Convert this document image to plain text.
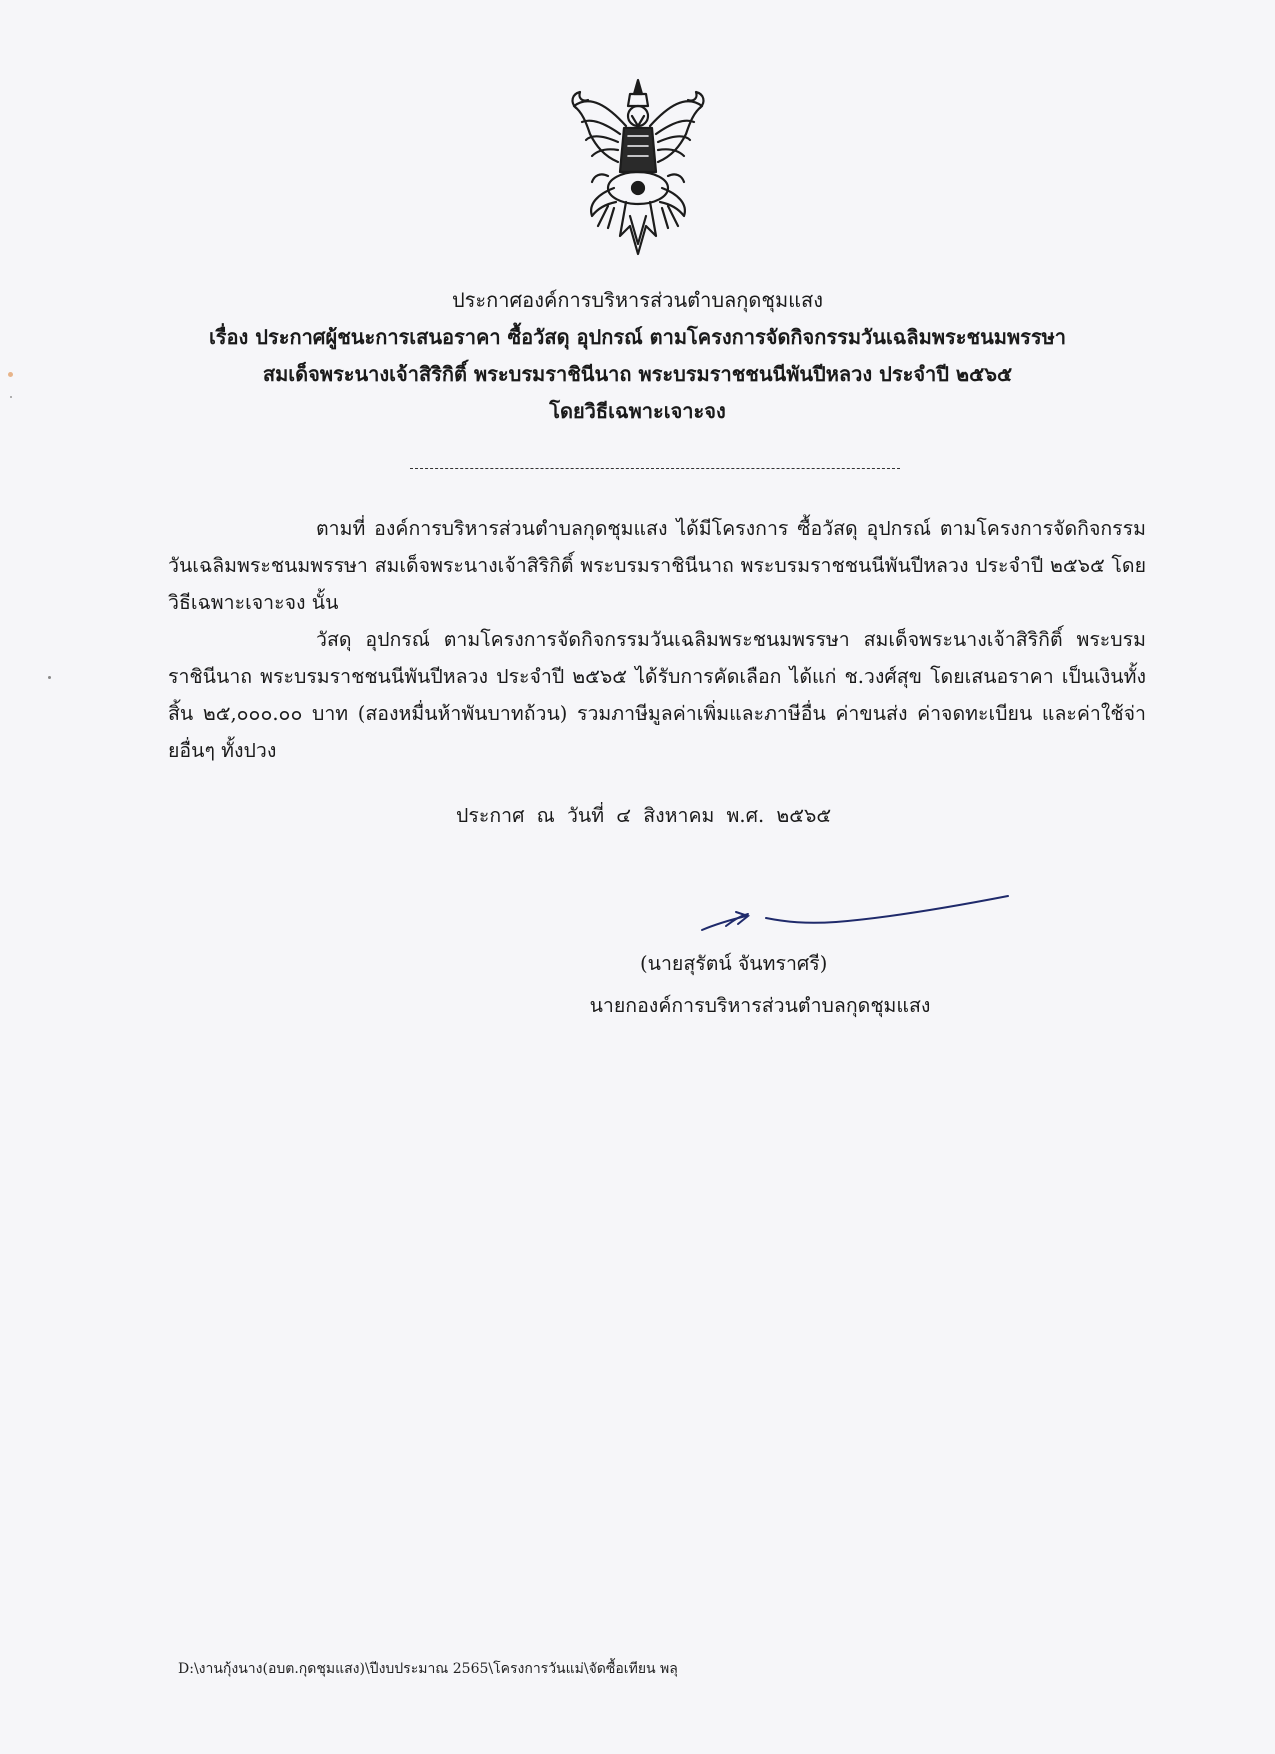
ประกาศองค์การบริหารส่วนตำบลกุดชุมแสง
เรื่อง ประกาศผู้ชนะการเสนอราคา ซื้อวัสดุ อุปกรณ์ ตามโครงการจัดกิจกรรมวันเฉลิมพระชนมพรรษา
สมเด็จพระนางเจ้าสิริกิติ์ พระบรมราชินีนาถ พระบรมราชชนนีพันปีหลวง ประจำปี ๒๕๖๕
โดยวิธีเฉพาะเจาะจง

ตามที่ องค์การบริหารส่วนตำบลกุดชุมแสง ได้มีโครงการ ซื้อวัสดุ อุปกรณ์ ตามโครงการจัดกิจกรรมวันเฉลิมพระชนมพรรษา สมเด็จพระนางเจ้าสิริกิติ์ พระบรมราชินีนาถ พระบรมราชชนนีพันปีหลวง ประจำปี ๒๕๖๕ โดยวิธีเฉพาะเจาะจง นั้น

วัสดุ อุปกรณ์ ตามโครงการจัดกิจกรรมวันเฉลิมพระชนมพรรษา สมเด็จพระนางเจ้าสิริกิติ์ พระบรมราชินีนาถ พระบรมราชชนนีพันปีหลวง ประจำปี ๒๕๖๕ ได้รับการคัดเลือก ได้แก่ ช.วงศ์สุข โดยเสนอราคา เป็นเงินทั้งสิ้น ๒๕,๐๐๐.๐๐ บาท (สองหมื่นห้าพันบาทถ้วน) รวมภาษีมูลค่าเพิ่มและภาษีอื่น ค่าขนส่ง ค่าจดทะเบียน และค่าใช้จ่ายอื่นๆ ทั้งปวง

ประกาศ ณ วันที่ ๔ สิงหาคม พ.ศ. ๒๕๖๕
(นายสุรัตน์ จันทราศรี)
นายกองค์การบริหารส่วนตำบลกุดชุมแสง
D:\งานกุ้งนาง(อบต.กุดชุมแสง)\ปีงบประมาณ 2565\โครงการวันแม่\จัดซื้อเทียน พลุ
